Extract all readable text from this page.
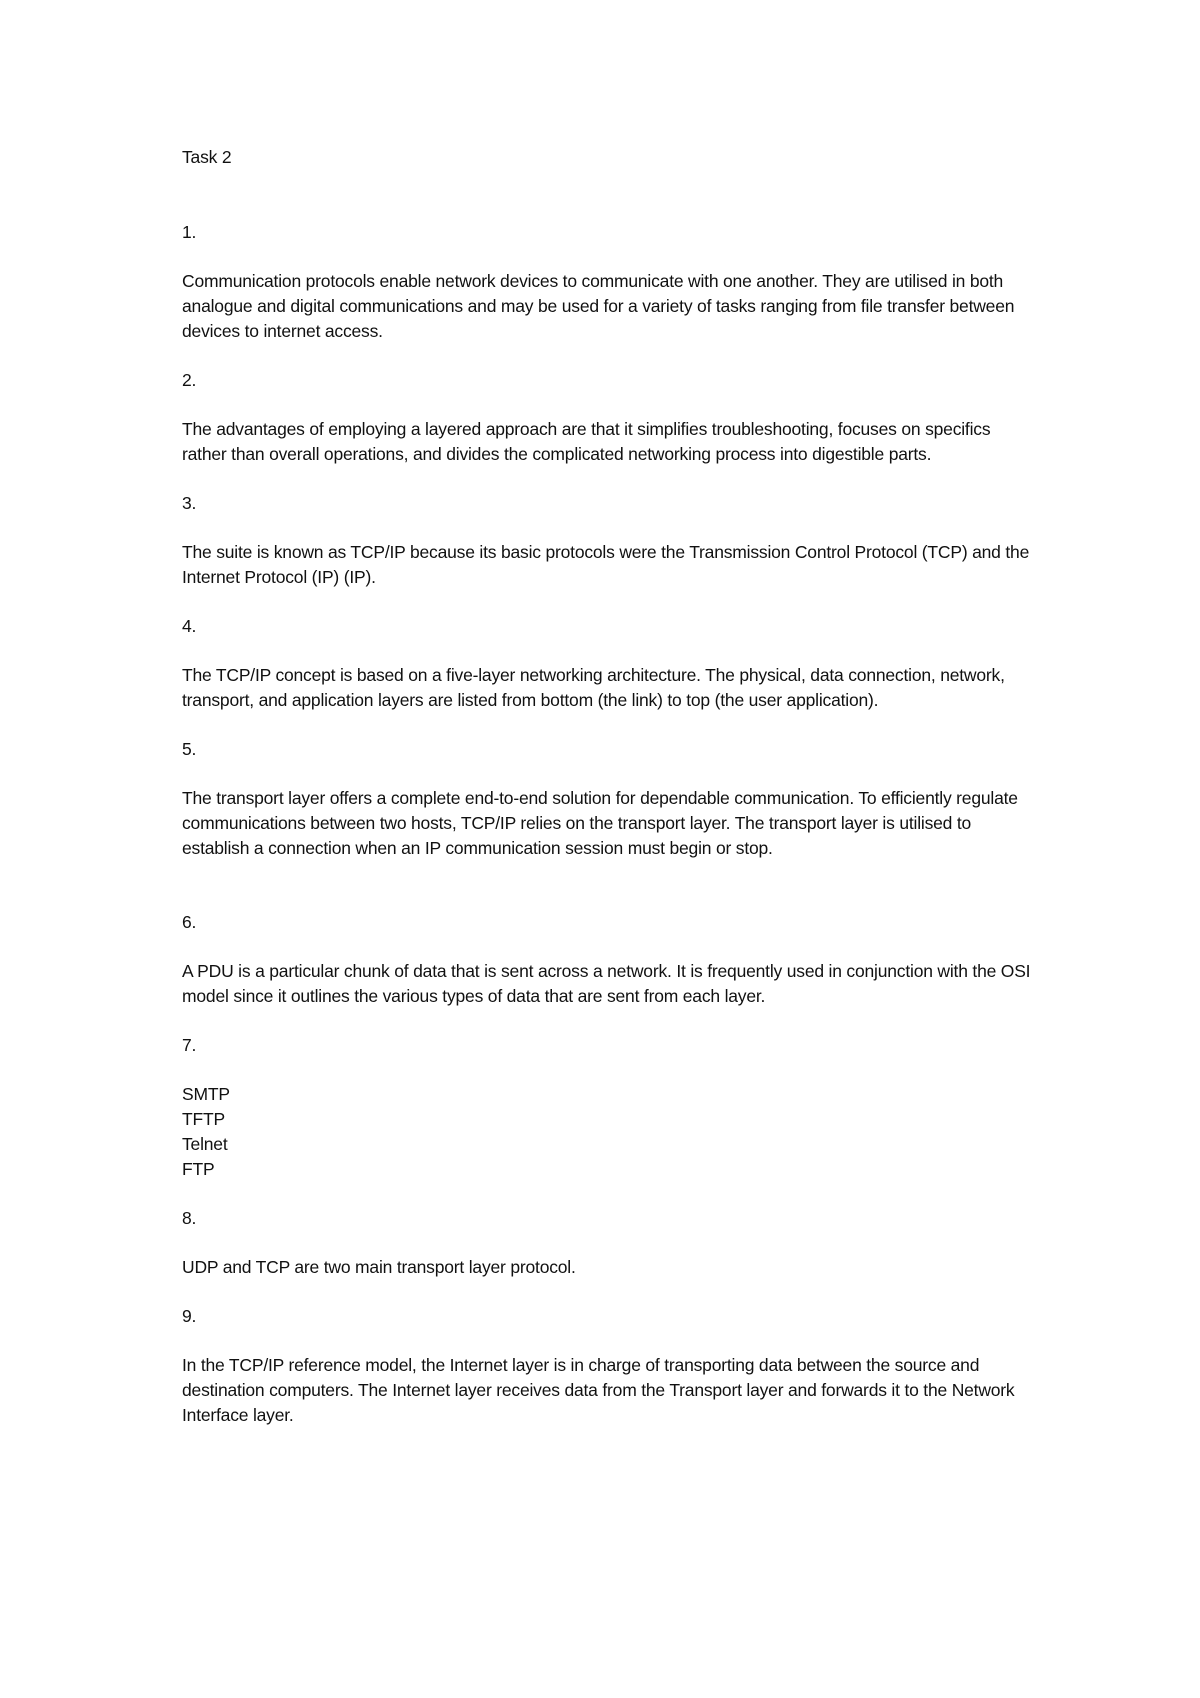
Task 2
1.
Communication protocols enable network devices to communicate with one another. They are utilised in both analogue and digital communications and may be used for a variety of tasks ranging from file transfer between devices to internet access.
2.
The advantages of employing a layered approach are that it simplifies troubleshooting, focuses on specifics rather than overall operations, and divides the complicated networking process into digestible parts.
3.
The suite is known as TCP/IP because its basic protocols were the Transmission Control Protocol (TCP) and the Internet Protocol (IP) (IP).
4.
The TCP/IP concept is based on a five-layer networking architecture. The physical, data connection, network, transport, and application layers are listed from bottom (the link) to top (the user application).
5.
The transport layer offers a complete end-to-end solution for dependable communication. To efficiently regulate communications between two hosts, TCP/IP relies on the transport layer. The transport layer is utilised to establish a connection when an IP communication session must begin or stop.
6.
A PDU is a particular chunk of data that is sent across a network. It is frequently used in conjunction with the OSI model since it outlines the various types of data that are sent from each layer.
7.
SMTP
TFTP
Telnet
FTP
8.
UDP and TCP are two main transport layer protocol.
9.
In the TCP/IP reference model, the Internet layer is in charge of transporting data between the source and destination computers. The Internet layer receives data from the Transport layer and forwards it to the Network Interface layer.
